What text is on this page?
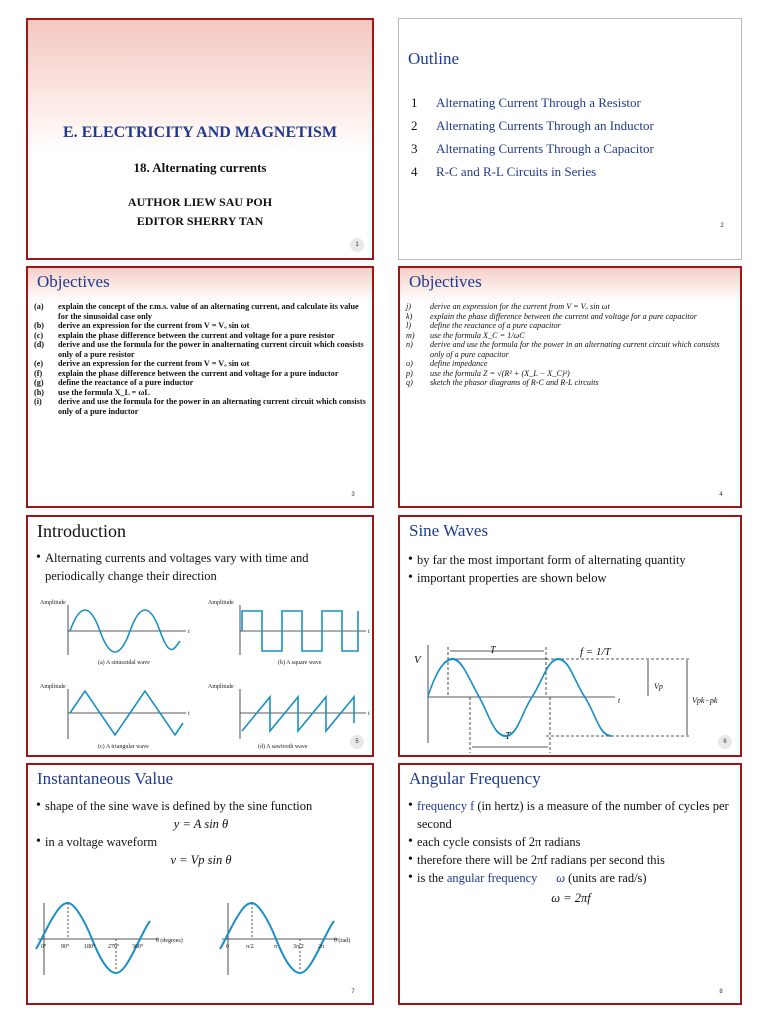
E. ELECTRICITY AND MAGNETISM
18. Alternating currents
AUTHOR LIEW SAU POH
EDITOR SHERRY TAN
1
Outline
1	Alternating Current Through a Resistor
2	Alternating Currents Through an Inductor
3	Alternating Currents Through a Capacitor
4	R-C and R-L Circuits in Series
2
Objectives
(a)	explain the concept of the r.m.s. value of an alternating current, and calculate its value for the sinusoidal case only
(b)	derive an expression for the current from V = Vₒ sin ωt
(c)	explain the phase difference between the current and voltage for a pure resistor
(d)	derive and use the formula for the power in analternating current circuit which consists only of a pure resistor
(e)	derive an expression for the current from V = Vₒ sin ωt
(f)	explain the phase difference between the current and voltage for a pure inductor
(g)	define the reactance of a pure inductor
(h)	use the formula X_L = ωL
(i)	derive and use the formula for the power in an alternating current circuit which consists only of a pure inductor
3
Objectives
j)	derive an expression for the current from V = Vₒ sin ωt
k)	explain the phase difference between the current and voltage for a pure capacitor
l)	define the reactance of a pure capacitor
m)	use the formula X_C = 1/ωC
n)	derive and use the formula for the power in an alternating current circuit which consists only of a pure capacitor
o)	define impedance
p)	use the formula Z = √(R² + (X_L − X_C)²)
q)	sketch the phasor diagrams of R-C and R-L circuits
4
Introduction
• Alternating currents and voltages vary with time and periodically change their direction
Amplitude	Amplitude
Amplitude	Amplitude
t	t
t	t
(a) A sinusoidal wave	(b) A square wave
(c) A triangular wave	(d) A sawtooth wave
5
Sine Waves
• by far the most important form of alternating quantity
• important properties are shown below
V
T	f = 1/T
t
Vp
Vpk−pk
T	6
Instantaneous Value
• shape of the sine wave is defined by the sine function
y = A sin θ
• in a voltage waveform
v = Vp sin θ
0° 90° 180° 270° 360°
θ (degrees)
0	π/2	π	3π/2 2π
θ (rad)
7
Angular Frequency
• frequency f (in hertz) is a measure of the number of cycles per second
• each cycle consists of 2π radians
• therefore there will be 2πf radians per second this
• is the angular frequency ω (units are rad/s)
ω = 2πf
8
